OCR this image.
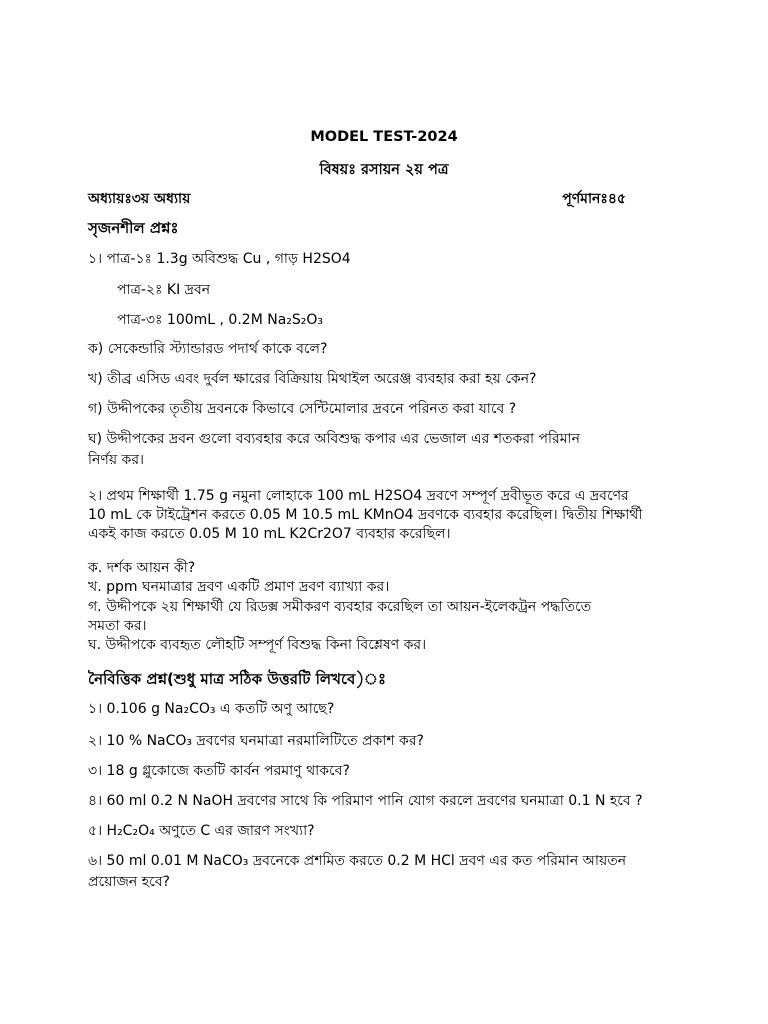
MODEL TEST-2024
বিষয়ঃ রসায়ন ২য় পত্র
অধ্যায়ঃ৩য় অধ্যায়	পূর্ণমানঃ৪৫
সৃজনশীল প্রশ্নঃ
১। পাত্র-১ঃ 1.3g অবিশুদ্ধ Cu , গাড় H2SO4
পাত্র-২ঃ KI দ্রবন
পাত্র-৩ঃ 100mL , 0.2M Na₂S₂O₃
ক) সেকেন্ডারি স্ট্যান্ডারড পদার্থ কাকে বলে?
খ) তীব্র এসিড এবং দুর্বল ক্ষারের বিক্রিয়ায় মিথাইল অরেঞ্জ ব্যবহার করা হয় কেন?
গ) উদ্দীপকের তৃতীয় দ্রবনকে কিভাবে সেন্টিমোলার দ্রবনে পরিনত করা যাবে ?
ঘ) উদ্দীপকের দ্রবন গুলো বব্যবহার করে অবিশুদ্ধ কপার এর ভেজাল এর শতকরা পরিমান
নির্ণয় কর।
২। প্রথম শিক্ষার্থী 1.75 g নমুনা লোহাকে 100 mL H2SO4 দ্রবণে সম্পূর্ণ দ্রবীভূত করে এ দ্রবণের
10 mL কে টাইট্রেশন করতে 0.05 M 10.5 mL KMnO4 দ্রবণকে ব্যবহার করেছিল। দ্বিতীয় শিক্ষার্থী
একই কাজ করতে 0.05 M 10 mL K2Cr2O7 ব্যবহার করেছিল।
ক. দর্শক আয়ন কী?
খ. ppm ঘনমাত্রার দ্রবণ একটি প্রমাণ দ্রবণ ব্যাখ্যা কর।
গ. উদ্দীপকে ২য় শিক্ষার্থী যে রিডক্স সমীকরণ ব্যবহার করেছিল তা আয়ন-ইলেকট্রন পদ্ধতিতে
সমতা কর।
ঘ. উদ্দীপকে ব্যবহৃত লৌহটি সম্পূর্ণ বিশুদ্ধ কিনা বিশ্লেষণ কর।
নৈবিত্তিক প্রশ্ন(শুধু মাত্র সঠিক উত্তরটি লিখবে)ঃ
১। 0.106 g Na₂CO₃ এ কতটি অণু আছে?
২। 10 % NaCO₃ দ্রবণের ঘনমাত্রা নরমালিটিতে প্রকাশ কর?
৩। 18 g গ্লুকোজে কতটি কার্বন পরমাণু থাকবে?
৪। 60 ml 0.2 N NaOH দ্রবণের সাথে কি পরিমাণ পানি যোগ করলে দ্রবণের ঘনমাত্রা 0.1 N হবে ?
৫। H₂C₂O₄ অণুতে C এর জারণ সংখ্যা?
৬। 50 ml 0.01 M NaCO₃ দ্রবনেকে প্রশমিত করতে 0.2 M HCl দ্রবণ এর কত পরিমান আয়তন
প্রয়োজন হবে?
